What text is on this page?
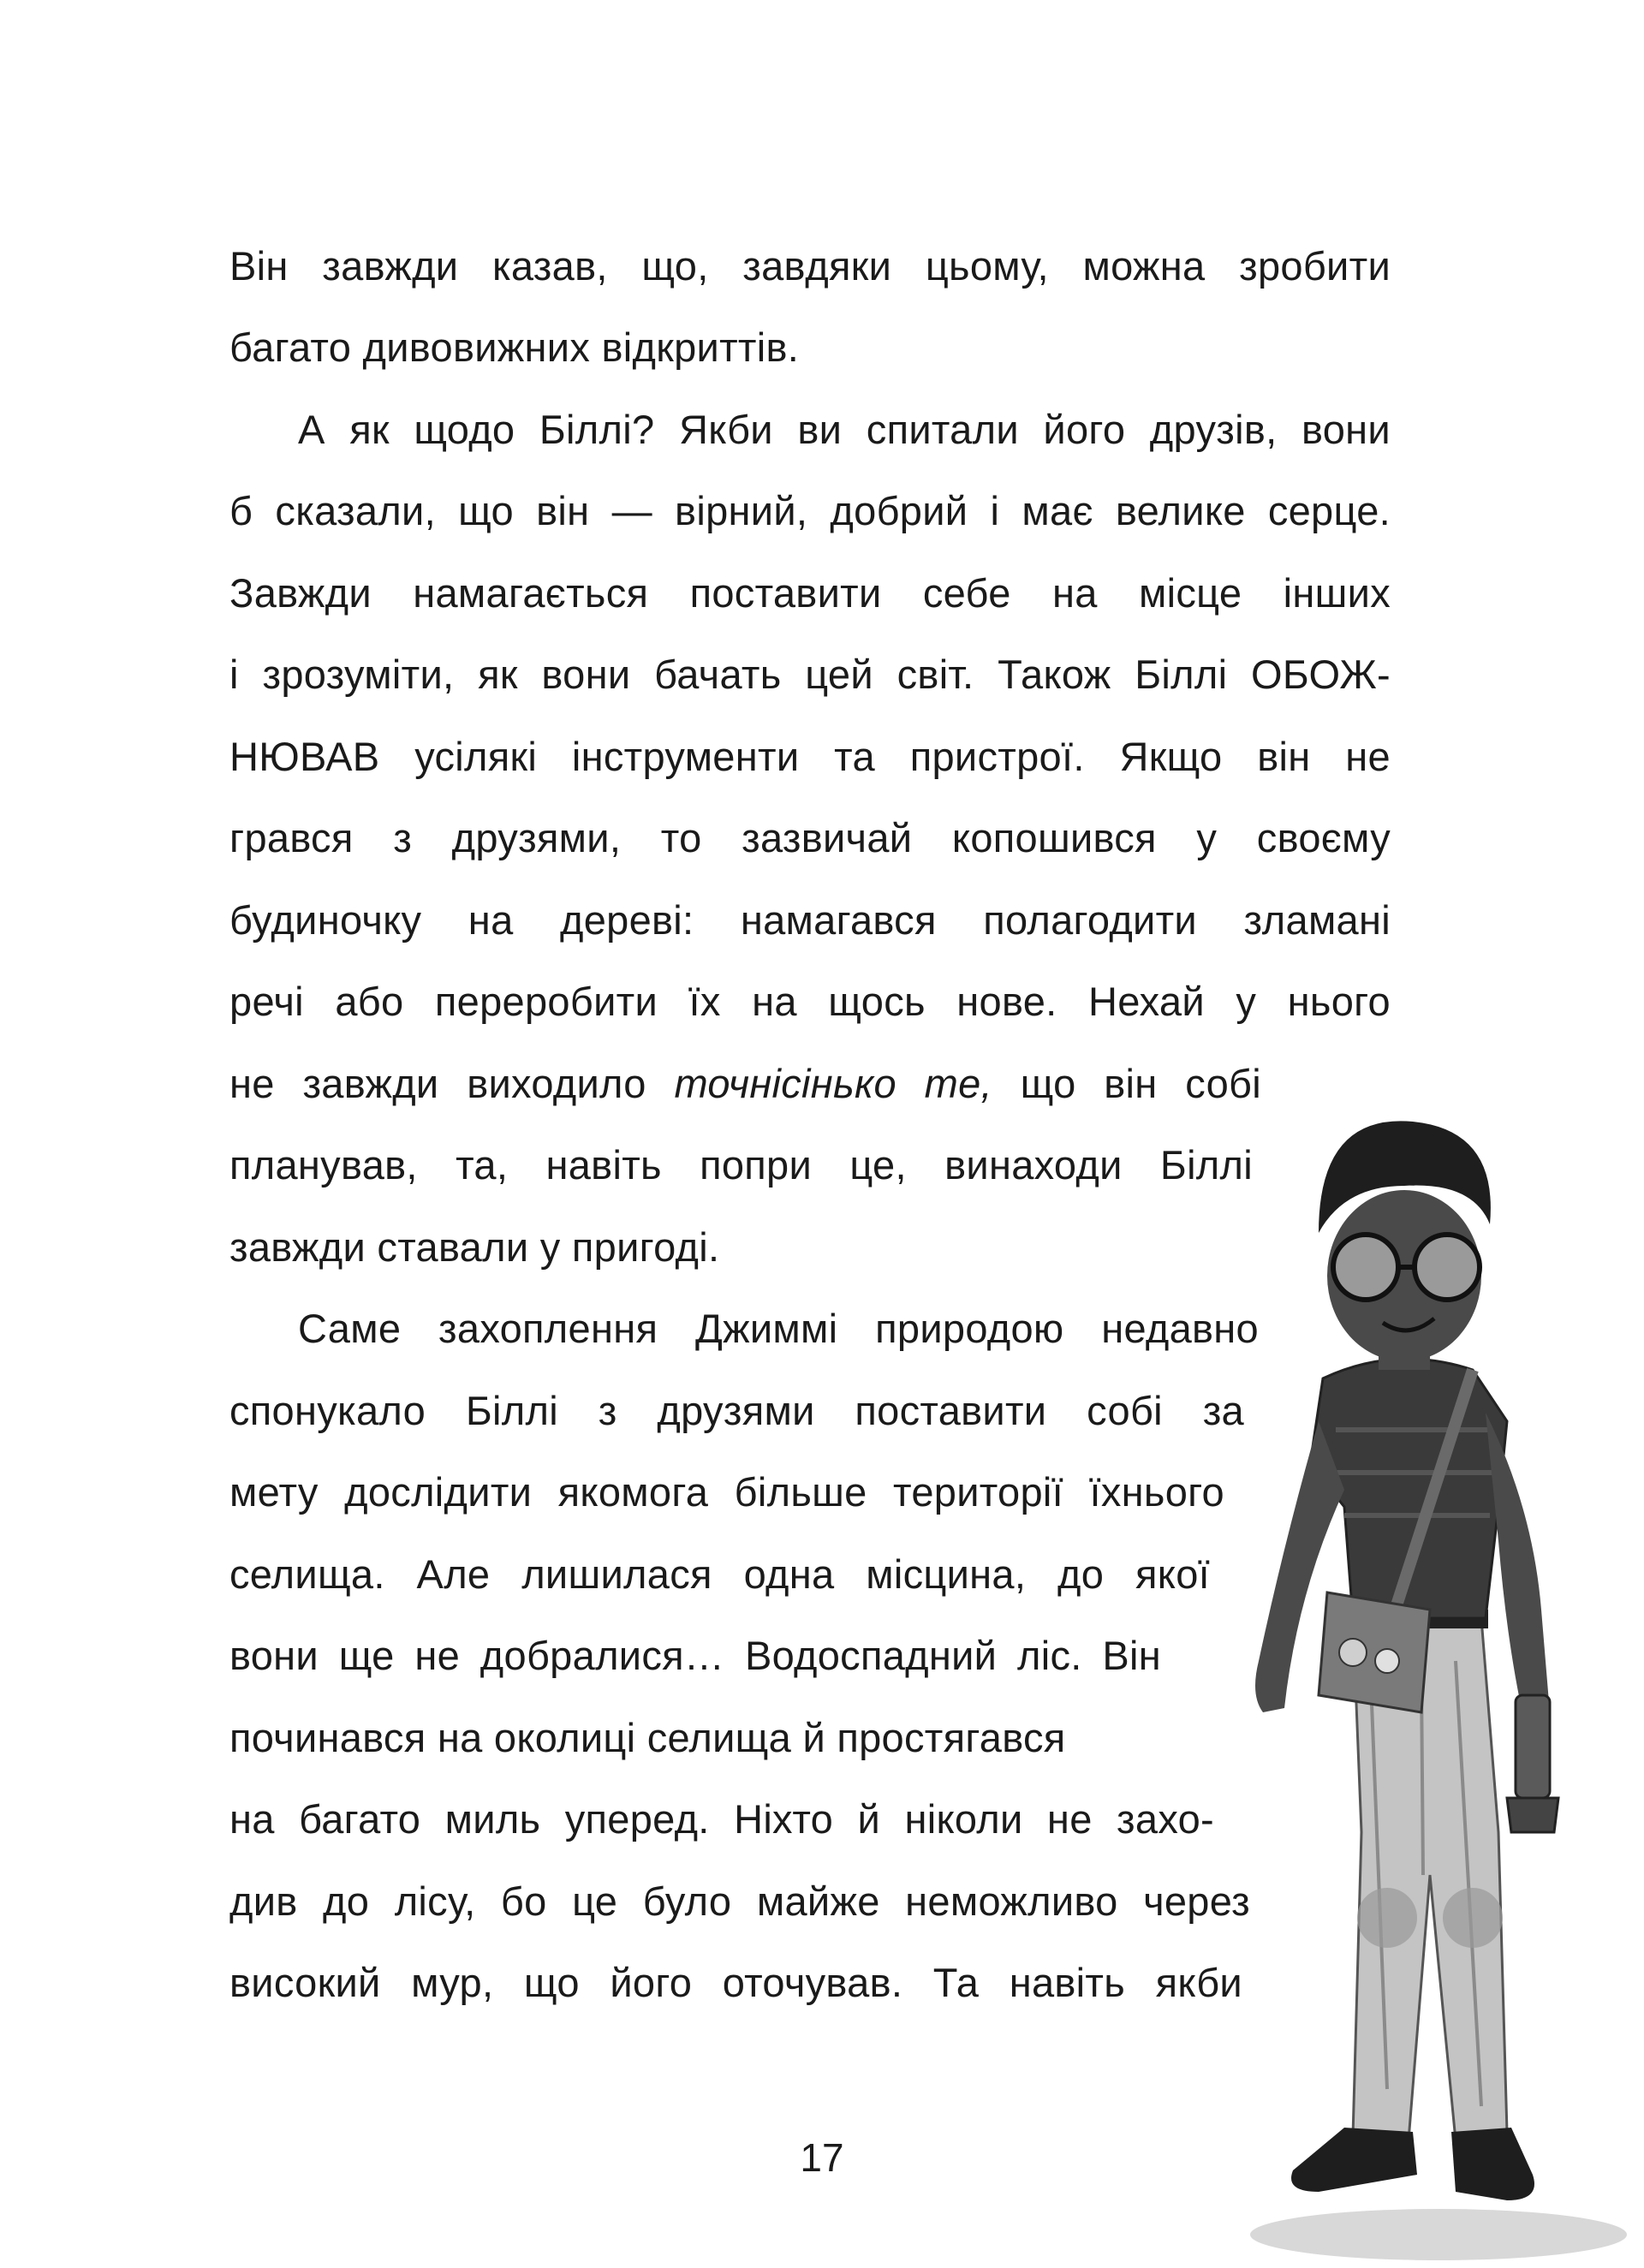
Він завжди казав, що, завдяки цьому, можна зробити
багато дивовижних відкриттів.
А як щодо Біллі? Якби ви спитали його друзів, вони
б сказали, що він — вірний, добрий і має велике серце.
Завжди намагається поставити себе на місце інших
і зрозуміти, як вони бачать цей світ. Також Біллі ОБОЖ-
НЮВАВ усілякі інструменти та пристрої. Якщо він не
грався з друзями, то зазвичай копошився у своєму
будиночку на дереві: намагався полагодити зламані
речі або переробити їх на щось нове. Нехай у нього
не завжди виходило точнісінько те, що він собі
планував, та, навіть попри це, винаходи Біллі
завжди ставали у пригоді.
Саме захоплення Джиммі природою недавно
спонукало Біллі з друзями поставити собі за
мету дослідити якомога більше території їхнього
селища. Але лишилася одна місцина, до якої
вони ще не добралися… Водоспадний ліс. Він
починався на околиці селища й простягався
на багато миль уперед. Ніхто й ніколи не захо-
див до лісу, бо це було майже неможливо через
високий мур, що його оточував. Та навіть якби
17
